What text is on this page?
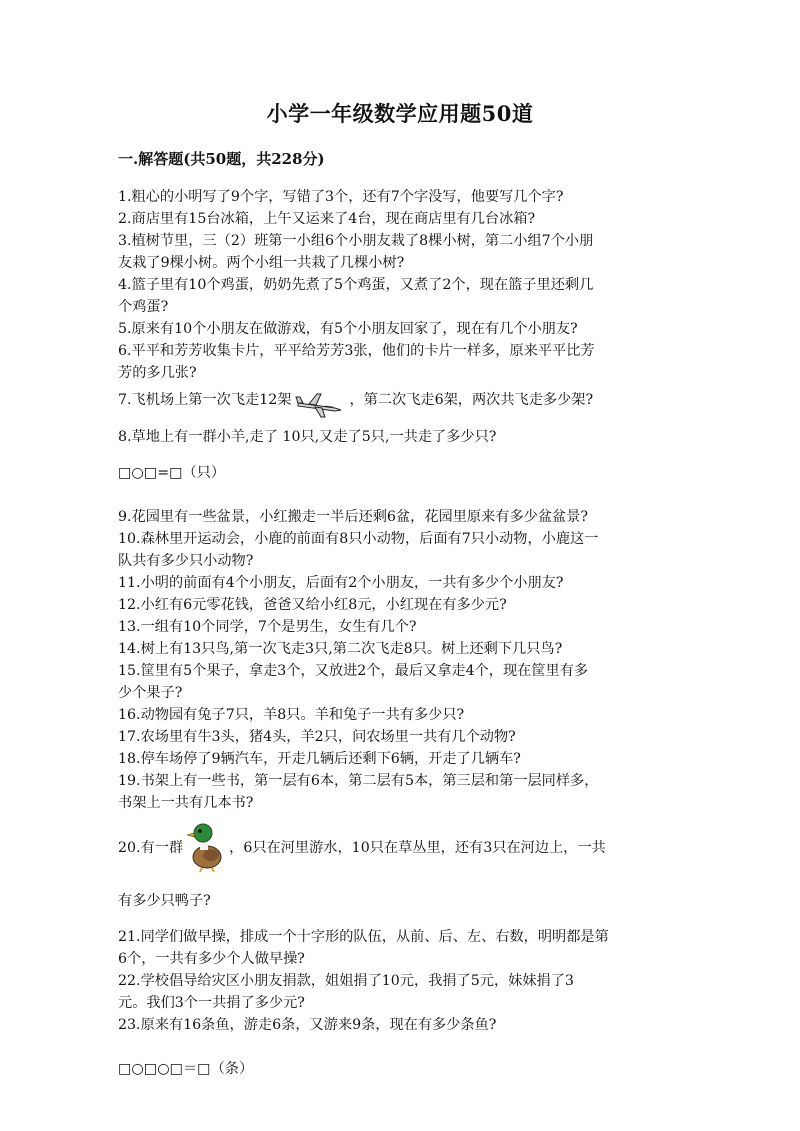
小学一年级数学应用题50道
一.解答题(共50题，共228分)

1.粗心的小明写了9个字，写错了3个，还有7个字没写，他要写几个字?

2.商店里有15台冰箱，上午又运来了4台，现在商店里有几台冰箱?

3.植树节里，三（2）班第一小组6个小朋友栽了8棵小树，第二小组7个小朋

友栽了9棵小树。两个小组一共栽了几棵小树?

4.篮子里有10个鸡蛋，奶奶先煮了5个鸡蛋，又煮了2个，现在篮子里还剩几

个鸡蛋?

5.原来有10个小朋友在做游戏，有5个小朋友回家了，现在有几个小朋友?

6.平平和芳芳收集卡片，平平给芳芳3张，他们的卡片一样多，原来平平比芳

芳的多几张?

7.飞机场上第一次飞走12架	，第二次飞走6架，两次共飞走多少架?

8.草地上有一群小羊,走了 10只,又走了5只,一共走了多少只?

□○□=□（只）

9.花园里有一些盆景，小红搬走一半后还剩6盆，花园里原来有多少盆盆景?

10.森林里开运动会，小鹿的前面有8只小动物，后面有7只小动物，小鹿这一

队共有多少只小动物?

11.小明的前面有4个小朋友，后面有2个小朋友，一共有多少个小朋友?

12.小红有6元零花钱，爸爸又给小红8元，小红现在有多少元?

13.一组有10个同学，7个是男生，女生有几个?

14.树上有13只鸟,第一次飞走3只,第二次飞走8只。树上还剩下几只鸟?

15.筐里有5个果子，拿走3个，又放进2个，最后又拿走4个，现在筐里有多

少个果子?

16.动物园有兔子7只，羊8只。羊和兔子一共有多少只?

17.农场里有牛3头，猪4头，羊2只，问农场里一共有几个动物?

18.停车场停了9辆汽车，开走几辆后还剩下6辆，开走了几辆车?

19.书架上有一些书，第一层有6本，第二层有5本，第三层和第一层同样多，

书架上一共有几本书?

20.有一群	，6只在河里游水，10只在草丛里，还有3只在河边上，一共

有多少只鸭子?

21.同学们做早操，排成一个十字形的队伍，从前、后、左、右数，明明都是第

6个，一共有多少个人做早操?

22.学校倡导给灾区小朋友捐款，姐姐捐了10元，我捐了5元，妹妹捐了3

元。我们3个一共捐了多少元?

23.原来有16条鱼，游走6条，又游来9条，现在有多少条鱼?

□○□○□＝□（条）
